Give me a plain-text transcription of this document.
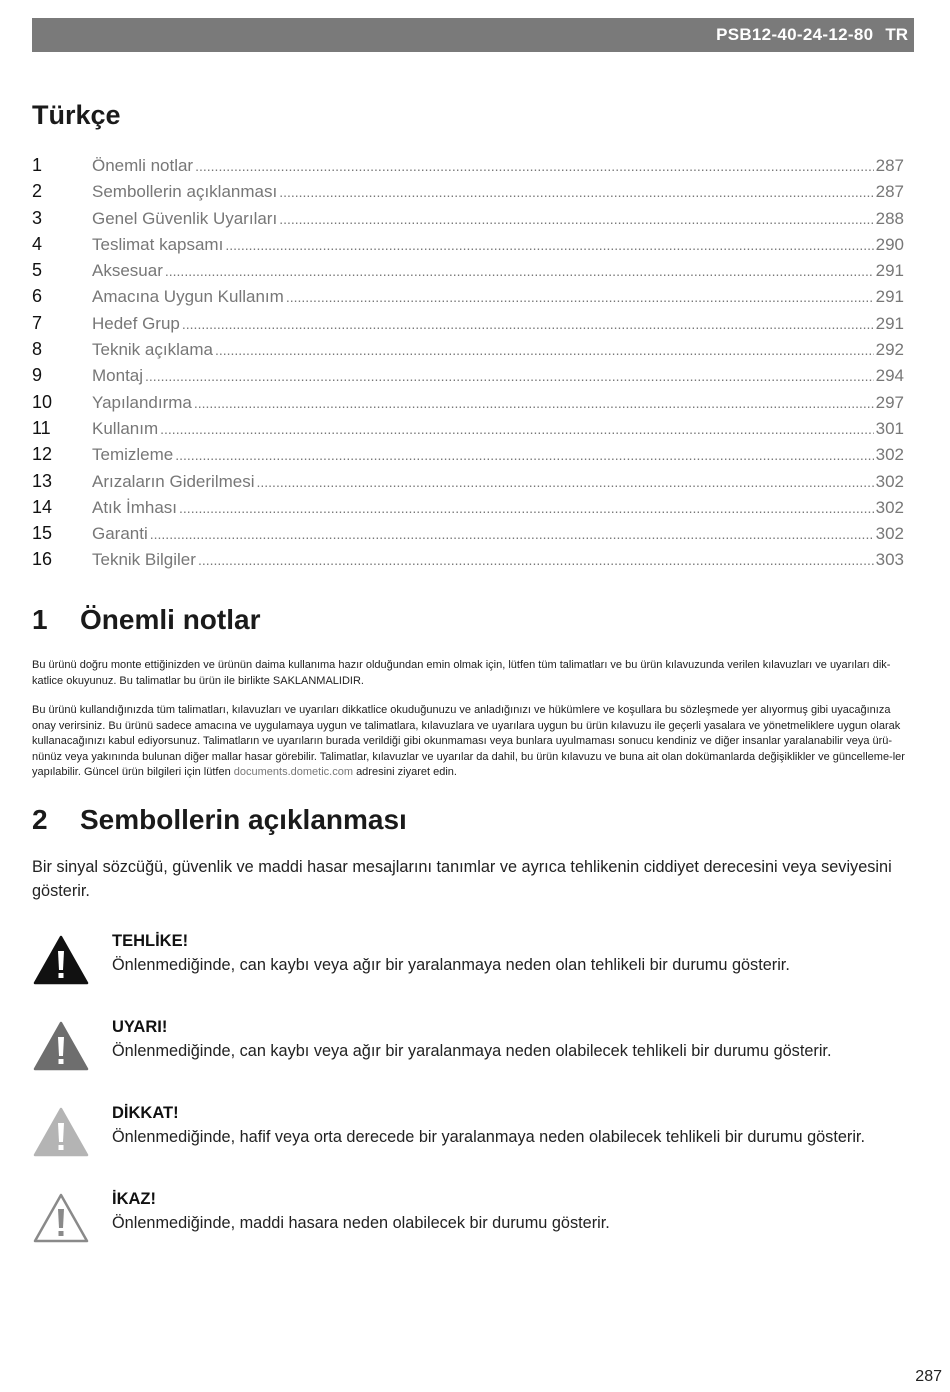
PSB12-40-24-12-80 TR
Türkçe
1	Önemli notlar .....	287
2	Sembollerin açıklanması .....	287
3	Genel Güvenlik Uyarıları .....	288
4	Teslimat kapsamı .....	290
5	Aksesuar .....	291
6	Amacına Uygun Kullanım .....	291
7	Hedef Grup .....	291
8	Teknik açıklama .....	292
9	Montaj .....	294
10	Yapılandırma .....	297
11	Kullanım .....	301
12	Temizleme .....	302
13	Arızaların Giderilmesi .....	302
14	Atık İmhası .....	302
15	Garanti .....	302
16	Teknik Bilgiler .....	303
1	Önemli notlar

Bu ürünü doğru monte ettiğinizden ve ürünün daima kullanıma hazır olduğundan emin olmak için, lütfen tüm talimatları ve bu ürün kılavuzunda verilen kılavuzları ve uyarıları dik-katlice okuyunuz. Bu talimatlar bu ürün ile birlikte SAKLANMALIDIR.

Bu ürünü kullandığınızda tüm talimatları, kılavuzları ve uyarıları dikkatlice okuduğunuzu ve anladığınızı ve hükümlere ve koşullara bu sözleşmede yer alıyormuş gibi uyacağınıza onay verirsiniz. Bu ürünü sadece amacına ve uygulamaya uygun ve talimatlara, kılavuzlara ve uyarılara uygun bu ürün kılavuzu ile geçerli yasalara ve yönetmeliklere uygun olarak kullanacağınızı kabul ediyorsunuz. Talimatların ve uyarıların burada verildiği gibi okunmaması veya bunlara uyulmaması sonucu kendiniz ve diğer insanlar yaralanabilir veya ürü-nünüz veya yakınında bulunan diğer mallar hasar görebilir. Talimatlar, kılavuzlar ve uyarılar da dahil, bu ürün kılavuzu ve buna ait olan dokümanlarda değişiklikler ve güncelleme-ler yapılabilir. Güncel ürün bilgileri için lütfen documents.dometic.com adresini ziyaret edin.

2	Sembollerin açıklanması

Bir sinyal sözcüğü, güvenlik ve maddi hasar mesajlarını tanımlar ve ayrıca tehlikenin ciddiyet derecesini veya seviyesini gösterir.

TEHLİKE!
Önlenmediğinde, can kaybı veya ağır bir yaralanmaya neden olan tehlikeli bir durumu gösterir.
UYARI!
Önlenmediğinde, can kaybı veya ağır bir yaralanmaya neden olabilecek tehlikeli bir durumu gösterir.
DİKKAT!
Önlenmediğinde, hafif veya orta derecede bir yaralanmaya neden olabilecek tehlikeli bir durumu gösterir.
İKAZ!
Önlenmediğinde, maddi hasara neden olabilecek bir durumu gösterir.
287
